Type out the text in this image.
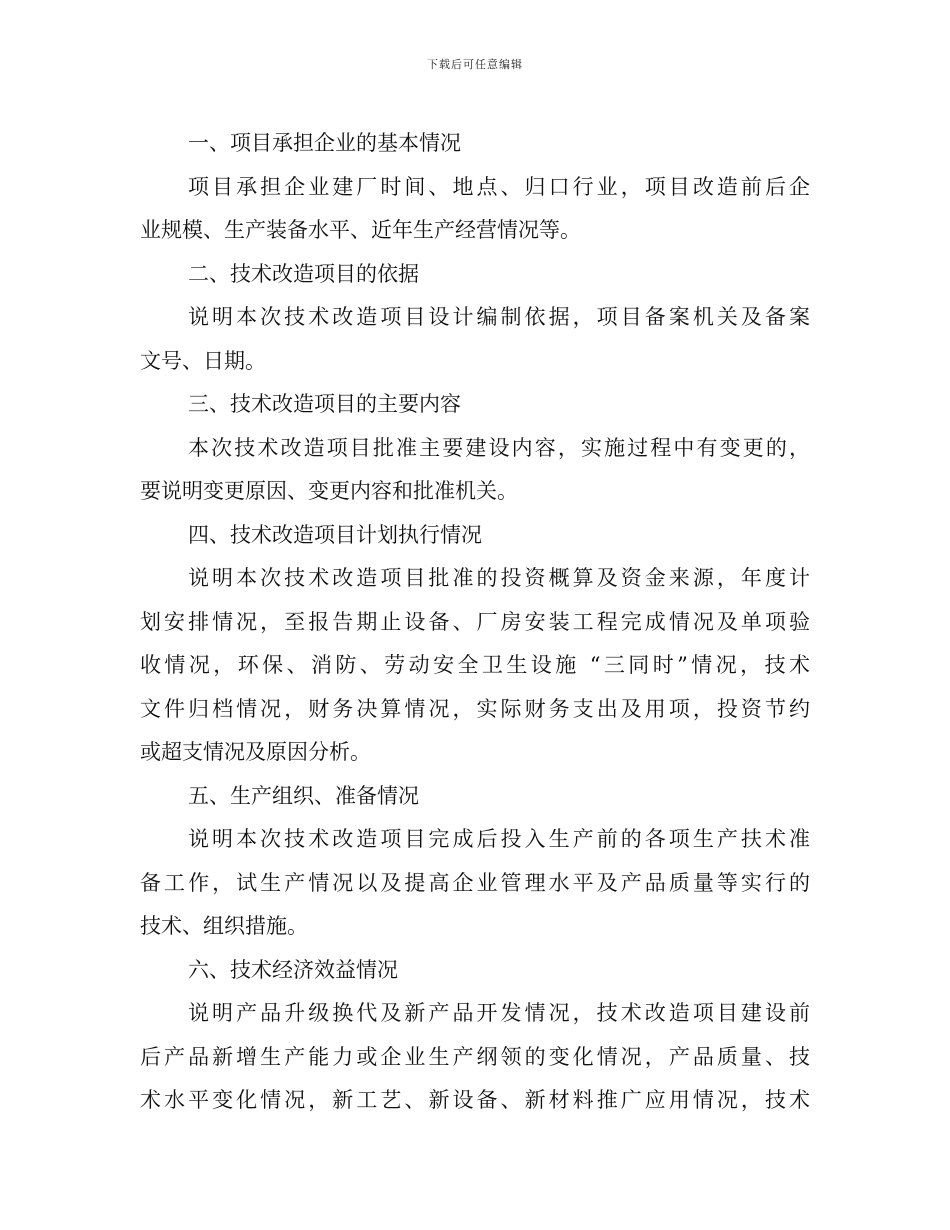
下载后可任意编辑
一、项目承担企业的基本情况
项目承担企业建厂时间、地点、归口行业，项目改造前后企
业规模、生产装备水平、近年生产经营情况等。
二、技术改造项目的依据
说明本次技术改造项目设计编制依据，项目备案机关及备案
文号、日期。
三、技术改造项目的主要内容
本次技术改造项目批准主要建设内容，实施过程中有变更的，
要说明变更原因、变更内容和批准机关。
四、技术改造项目计划执行情况
说明本次技术改造项目批准的投资概算及资金来源，年度计
划安排情况，至报告期止设备、厂房安装工程完成情况及单项验
收情况，环保、消防、劳动安全卫生设施 “三同时”情况，技术
文件归档情况，财务决算情况，实际财务支出及用项，投资节约
或超支情况及原因分析。
五、生产组织、准备情况
说明本次技术改造项目完成后投入生产前的各项生产扶术准
备工作，试生产情况以及提高企业管理水平及产品质量等实行的
技术、组织措施。
六、技术经济效益情况
说明产品升级换代及新产品开发情况，技术改造项目建设前
后产品新增生产能力或企业生产纲领的变化情况，产品质量、技
术水平变化情况，新工艺、新设备、新材料推广应用情况，技术
